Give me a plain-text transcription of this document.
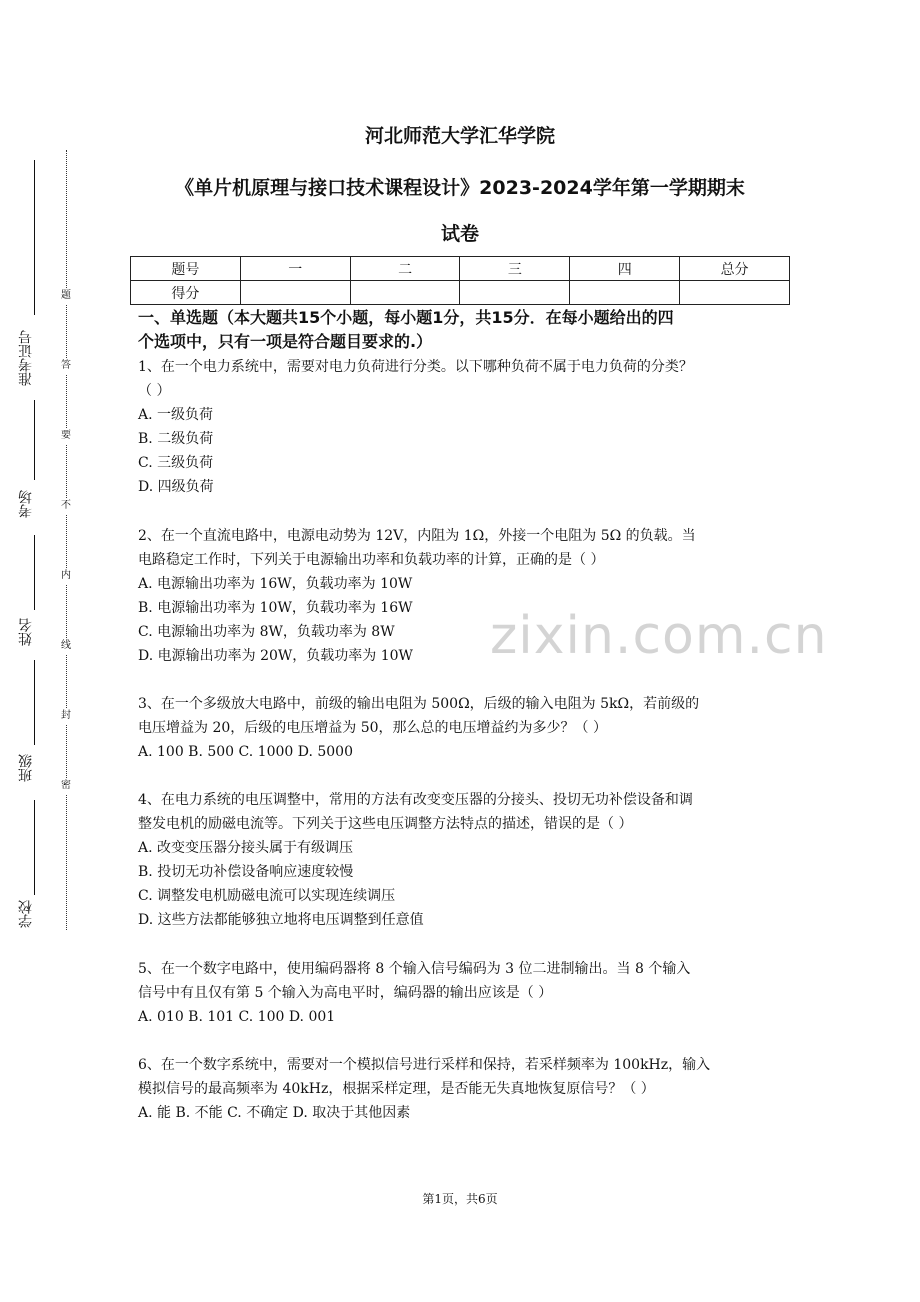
准考证号
考场
姓名
班级
学校
题
答
要
不
内
线
封
密
河北师范大学汇华学院
《单片机原理与接口技术课程设计》2023-2024学年第一学期期末
试卷
题号	一	二	三	四	总分
得分					
一、单选题（本大题共15个小题，每小题1分，共15分．在每小题给出的四
个选项中，只有一项是符合题目要求的.）

1、在一个电力系统中，需要对电力负荷进行分类。以下哪种负荷不属于电力负荷的分类？

（ ）

A. 一级负荷

B. 二级负荷

C. 三级负荷

D. 四级负荷

2、在一个直流电路中，电源电动势为 12V，内阻为 1Ω，外接一个电阻为 5Ω 的负载。当

电路稳定工作时，下列关于电源输出功率和负载功率的计算，正确的是（ ）

A. 电源输出功率为 16W，负载功率为 10W

B. 电源输出功率为 10W，负载功率为 16W

C. 电源输出功率为 8W，负载功率为 8W

D. 电源输出功率为 20W，负载功率为 10W

3、在一个多级放大电路中，前级的输出电阻为 500Ω，后级的输入电阻为 5kΩ，若前级的

电压增益为 20，后级的电压增益为 50，那么总的电压增益约为多少？（ ）

A. 100 B. 500 C. 1000 D. 5000

4、在电力系统的电压调整中，常用的方法有改变变压器的分接头、投切无功补偿设备和调

整发电机的励磁电流等。下列关于这些电压调整方法特点的描述，错误的是（ ）

A. 改变变压器分接头属于有级调压

B. 投切无功补偿设备响应速度较慢

C. 调整发电机励磁电流可以实现连续调压

D. 这些方法都能够独立地将电压调整到任意值

5、在一个数字电路中，使用编码器将 8 个输入信号编码为 3 位二进制输出。当 8 个输入

信号中有且仅有第 5 个输入为高电平时，编码器的输出应该是（ ）

A. 010 B. 101 C. 100 D. 001

6、在一个数字系统中，需要对一个模拟信号进行采样和保持，若采样频率为 100kHz，输入

模拟信号的最高频率为 40kHz，根据采样定理，是否能无失真地恢复原信号？（ ）

A. 能 B. 不能 C. 不确定 D. 取决于其他因素

zixin.com.cn
第1页，共6页
